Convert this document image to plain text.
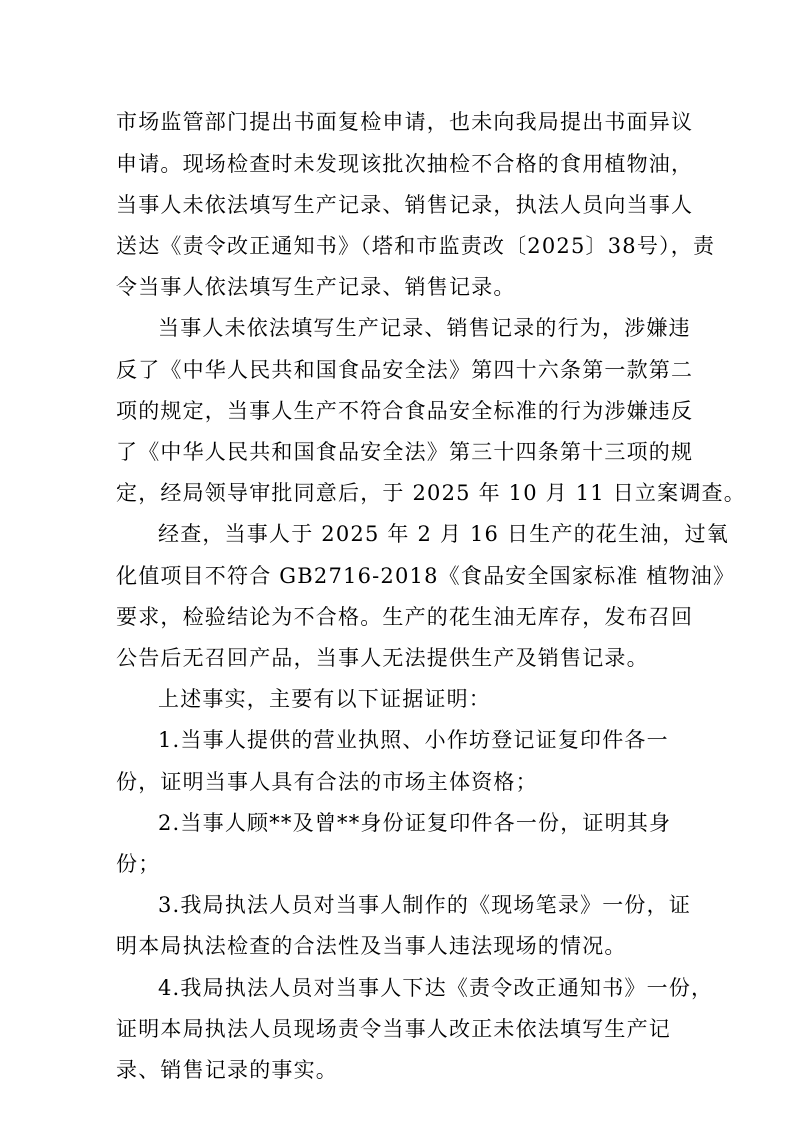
市场监管部门提出书面复检申请，也未向我局提出书面异议

申请。现场检查时未发现该批次抽检不合格的食用植物油，

当事人未依法填写生产记录、销售记录，执法人员向当事人

送达《责令改正通知书》（塔和市监责改〔2025〕38号），责

令当事人依法填写生产记录、销售记录。

当事人未依法填写生产记录、销售记录的行为，涉嫌违

反了《中华人民共和国食品安全法》第四十六条第一款第二

项的规定，当事人生产不符合食品安全标准的行为涉嫌违反

了《中华人民共和国食品安全法》第三十四条第十三项的规

定，经局领导审批同意后，于 2025 年 10 月 11 日立案调查。

经查，当事人于 2025 年 2 月 16 日生产的花生油，过氧

化值项目不符合 GB2716-2018《食品安全国家标准 植物油》

要求，检验结论为不合格。生产的花生油无库存，发布召回

公告后无召回产品，当事人无法提供生产及销售记录。

上述事实，主要有以下证据证明：

1.当事人提供的营业执照、小作坊登记证复印件各一

份，证明当事人具有合法的市场主体资格；

2.当事人顾**及曾**身份证复印件各一份，证明其身

份；

3.我局执法人员对当事人制作的《现场笔录》一份，证

明本局执法检查的合法性及当事人违法现场的情况。

4.我局执法人员对当事人下达《责令改正通知书》一份，

证明本局执法人员现场责令当事人改正未依法填写生产记

录、销售记录的事实。
